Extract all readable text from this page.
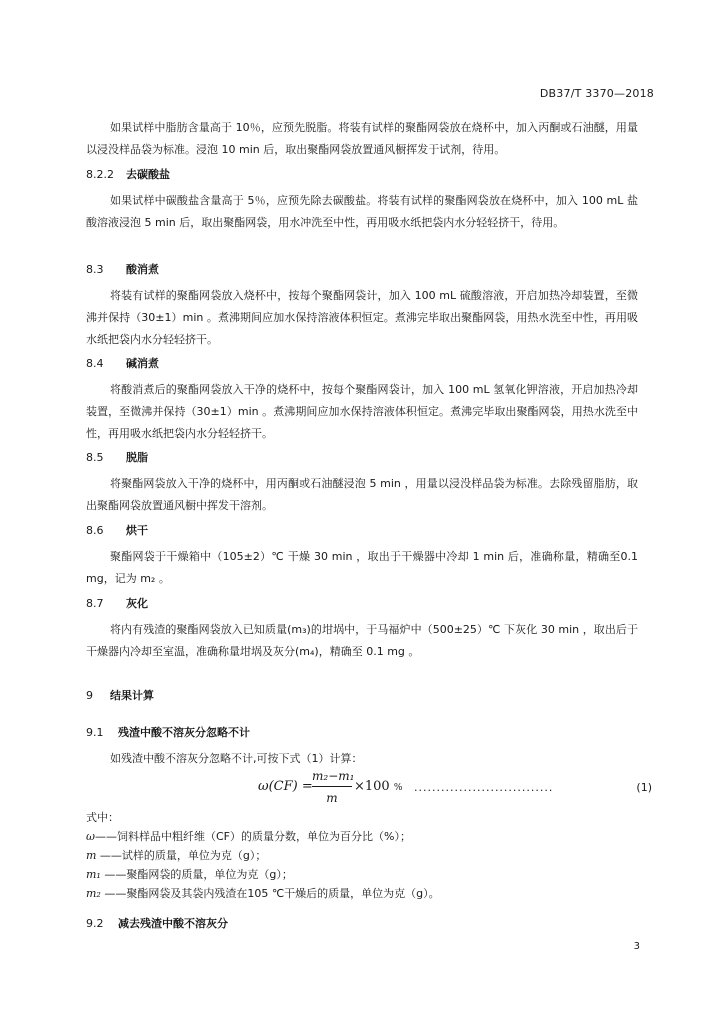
DB37/T 3370—2018
如果试样中脂肪含量高于 10％，应预先脱脂。将装有试样的聚酯网袋放在烧杯中，加入丙酮或石油醚，用量以浸没样品袋为标准。浸泡 10 min 后，取出聚酯网袋放置通风橱挥发于试剂，待用。
8.2.2 去碳酸盐
如果试样中碳酸盐含量高于 5％，应预先除去碳酸盐。将装有试样的聚酯网袋放在烧杯中，加入 100 mL 盐酸溶液浸泡 5 min 后，取出聚酯网袋，用水冲洗至中性，再用吸水纸把袋内水分轻轻挤干，待用。
8.3 酸消煮
将装有试样的聚酯网袋放入烧杯中，按每个聚酯网袋计，加入 100 mL 硫酸溶液，开启加热冷却装置，至微沸并保持（30±1）min 。煮沸期间应加水保持溶液体积恒定。煮沸完毕取出聚酯网袋，用热水洗至中性，再用吸水纸把袋内水分轻轻挤干。
8.4 碱消煮
将酸消煮后的聚酯网袋放入干净的烧杯中，按每个聚酯网袋计，加入 100 mL 氢氧化钾溶液，开启加热冷却装置，至微沸并保持（30±1）min 。煮沸期间应加水保持溶液体积恒定。煮沸完毕取出聚酯网袋，用热水洗至中性，再用吸水纸把袋内水分轻轻挤干。
8.5 脱脂
将聚酯网袋放入干净的烧杯中，用丙酮或石油醚浸泡 5 min ，用量以浸没样品袋为标准。去除残留脂肪，取出聚酯网袋放置通风橱中挥发干溶剂。
8.6 烘干
聚酯网袋于干燥箱中（105±2）℃ 干燥 30 min ，取出于干燥器中冷却 1 min 后，准确称量，精确至0.1 mg，记为 m₂ 。
8.7 灰化
将内有残渣的聚酯网袋放入已知质量(m₃)的坩埚中，于马福炉中（500±25）℃ 下灰化 30 min ，取出后于干燥器内冷却至室温，准确称量坩埚及灰分(m₄)，精确至 0.1 mg 。
9 结果计算
9.1 残渣中酸不溶灰分忽略不计
如残渣中酸不溶灰分忽略不计,可按下式（1）计算：
ω(CF) =
m₂−m₁
m
×100 % ...............................	(1)
式中：
ω——饲料样品中粗纤维（CF）的质量分数，单位为百分比（%）；
m ——试样的质量，单位为克（g）；
m₁ ——聚酯网袋的质量，单位为克（g）；
m₂ ——聚酯网袋及其袋内残渣在105 ℃干燥后的质量，单位为克（g）。
9.2 减去残渣中酸不溶灰分
3
